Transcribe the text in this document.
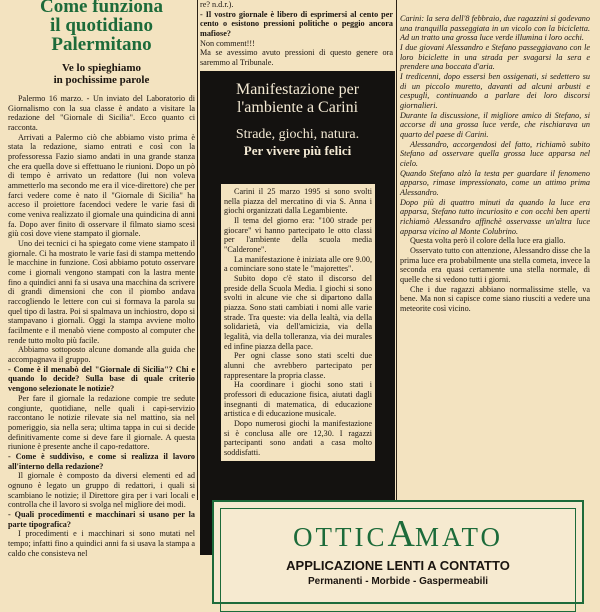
Come funziona
il quotidiano
Palermitano
Ve lo spieghiamo
in pochissime parole

Palermo 16 marzo. - Un inviato del Laboratorio di Giornalismo con la sua classe è andato a visitare la redazione del "Giornale di Sicilia". Ecco quanto ci racconta.

Arrivati a Palermo ciò che abbiamo visto prima è stata la redazione, siamo entrati e così con la professoressa Fazio siamo andati in una grande stanza che era quella dove si effettuano le riunioni. Dopo un pò di tempo è arrivato un redattore (lui non voleva ammetterlo ma secondo me era il vice-direttore) che per farci vedere come è nato il "Giornale di Sicilia" ha acceso il proiettore facendoci vedere le varie fasi di come veniva realizzato il giornale una quindicina di anni fa. Dopo aver finito di osservare il filmato siamo scesi giù così dove viene stampato il giornale.

Uno dei tecnici ci ha spiegato come viene stampato il giornale. Ci ha mostrato le varie fasi di stampa mettendo le macchine in funzione. Così abbiamo potuto osservare come i giornali vengono stampati con la lastra mente fino a quindici anni fa si usava una macchina da scrivere di grandi dimensioni che con il piombo andava raccogliendo le lettere con cui si formava la parola su quel tipo di lastra. Poi si spalmava un inchiostro, dopo si stampavano i giornali. Oggi la stampa avviene molto facilmente e il menabò viene composto al computer che rende tutto molto più facile.

Abbiamo sottoposto alcune domande alla guida che accompagnava il gruppo.

- Come è il menabò del "Giornale di Sicilia"? Chi e quando lo decide? Sulla base di quale criterio vengono selezionate le notizie?

Per fare il giornale la redazione compie tre sedute congiunte, quotidiane, nelle quali i capi-servizio raccontano le notizie rilevate sia nel mattino, sia nel pomeriggio, sia nella sera; ultima tappa in cui si decide definitivamente come si deve fare il giornale. A questa riunione è presente anche il capo-redattore.

- Come è suddiviso, e come si realizza il lavoro all'interno della redazione?

Il giornale è composto da diversi elementi ed ad ognuno è legato un gruppo di redattori, i quali si scambiano le notizie; il Direttore gira per i vari locali e controlla che il lavoro si svolga nel migliore dei modi.

- Quali procedimenti e macchinari si usano per la parte tipografica?

I procedimenti e i macchinari si sono mutati nel tempo; infatti fino a quindici anni fa si usava la stampa a caldo che consisteva nel

re? n.d.r.).

- Il vostro giornale è libero di esprimersi al cento per cento o esistono pressioni politiche o peggio ancora mafiose?

Non comment!!!

Ma se avessimo avuto pressioni di questo genere ora saremmo al Tribunale.

Manifestazione per
l'ambiente a Carini
Strade, giochi, natura.
Per vivere più felici

Carini il 25 marzo 1995 si sono svolti nella piazza del mercatino di via S. Anna i giochi organizzati dalla Legambiente.

Il tema del giorno era: "100 strade per giocare" vi hanno partecipato le otto classi per l'ambiente della scuola media "Calderone".

La manifestazione è iniziata alle ore 9.00, a cominciare sono state le "majorettes".

Subito dopo c'è stato il discorso del preside della Scuola Media. I giochi si sono svolti in alcune vie che si dipartono dalla piazza. Sono stati cambiati i nomi alle varie strade. Tra queste: via della lealtà, via della solidarietà, via dell'amicizia, via della legalità, via della tolleranza, via dei murales ed infine piazza della pace.

Per ogni classe sono stati scelti due alunni che avrebbero partecipato per rappresentare la propria classe.

Ha coordinare i giochi sono stati i professori di educazione fisica, aiutati dagli insegnanti di matematica, di educazione artistica e di educazione musicale.

Dopo numerosi giochi la manifestazione si è conclusa alle ore 12,30. I ragazzi partecipanti sono andati a casa molto soddisfatti.

Carini: la sera dell'8 febbraio, due ragazzini si godevano una tranquilla passeggiata in un vicolo con la bicicletta. Ad un tratto una grossa luce verde illumina i loro occhi.

I due giovani Alessandro e Stefano passeggiavano con le loro biciclette in una strada per svagarsi la sera e prendere una boccata d'aria.

I tredicenni, dopo essersi ben ossigenati, si sedettero su di un piccolo muretto, davanti ad alcuni arbusti e cespugli, continuando a parlare dei loro discorsi giornalieri.

Durante la discussione, il migliore amico di Stefano, si accorse di una grossa luce verde, che rischiarava un quarto del paese di Carini.

Alessandro, accorgendosi del fatto, richiamò subito Stefano ad osservare quella grossa luce apparsa nel cielo.

Quando Stefano alzò la testa per guardare il fenomeno apparso, rimase impressionato, come un attimo prima Alessandro.

Dopo più di quattro minuti da quando la luce era apparsa, Stefano tutto incuriosito e con occhi ben aperti richiamò Alessandro affinchè osservasse un'altra luce apparsa vicino al Monte Colubrino.

Questa volta però il colore della luce era giallo.

Osservato tutto con attenzione, Alessandro disse che la prima luce era probabilmente una stella cometa, invece la seconda era quasi certamente una stella normale, di quelle che si vedono tutti i giorni.

Che i due ragazzi abbiano normalissime stelle, va bene. Ma non si capisce come siano riusciti a vedere una meteorite così vicino.

OTTICAMATO
APPLICAZIONE LENTI A CONTATTO
Permanenti - Morbide - Gaspermeabili
